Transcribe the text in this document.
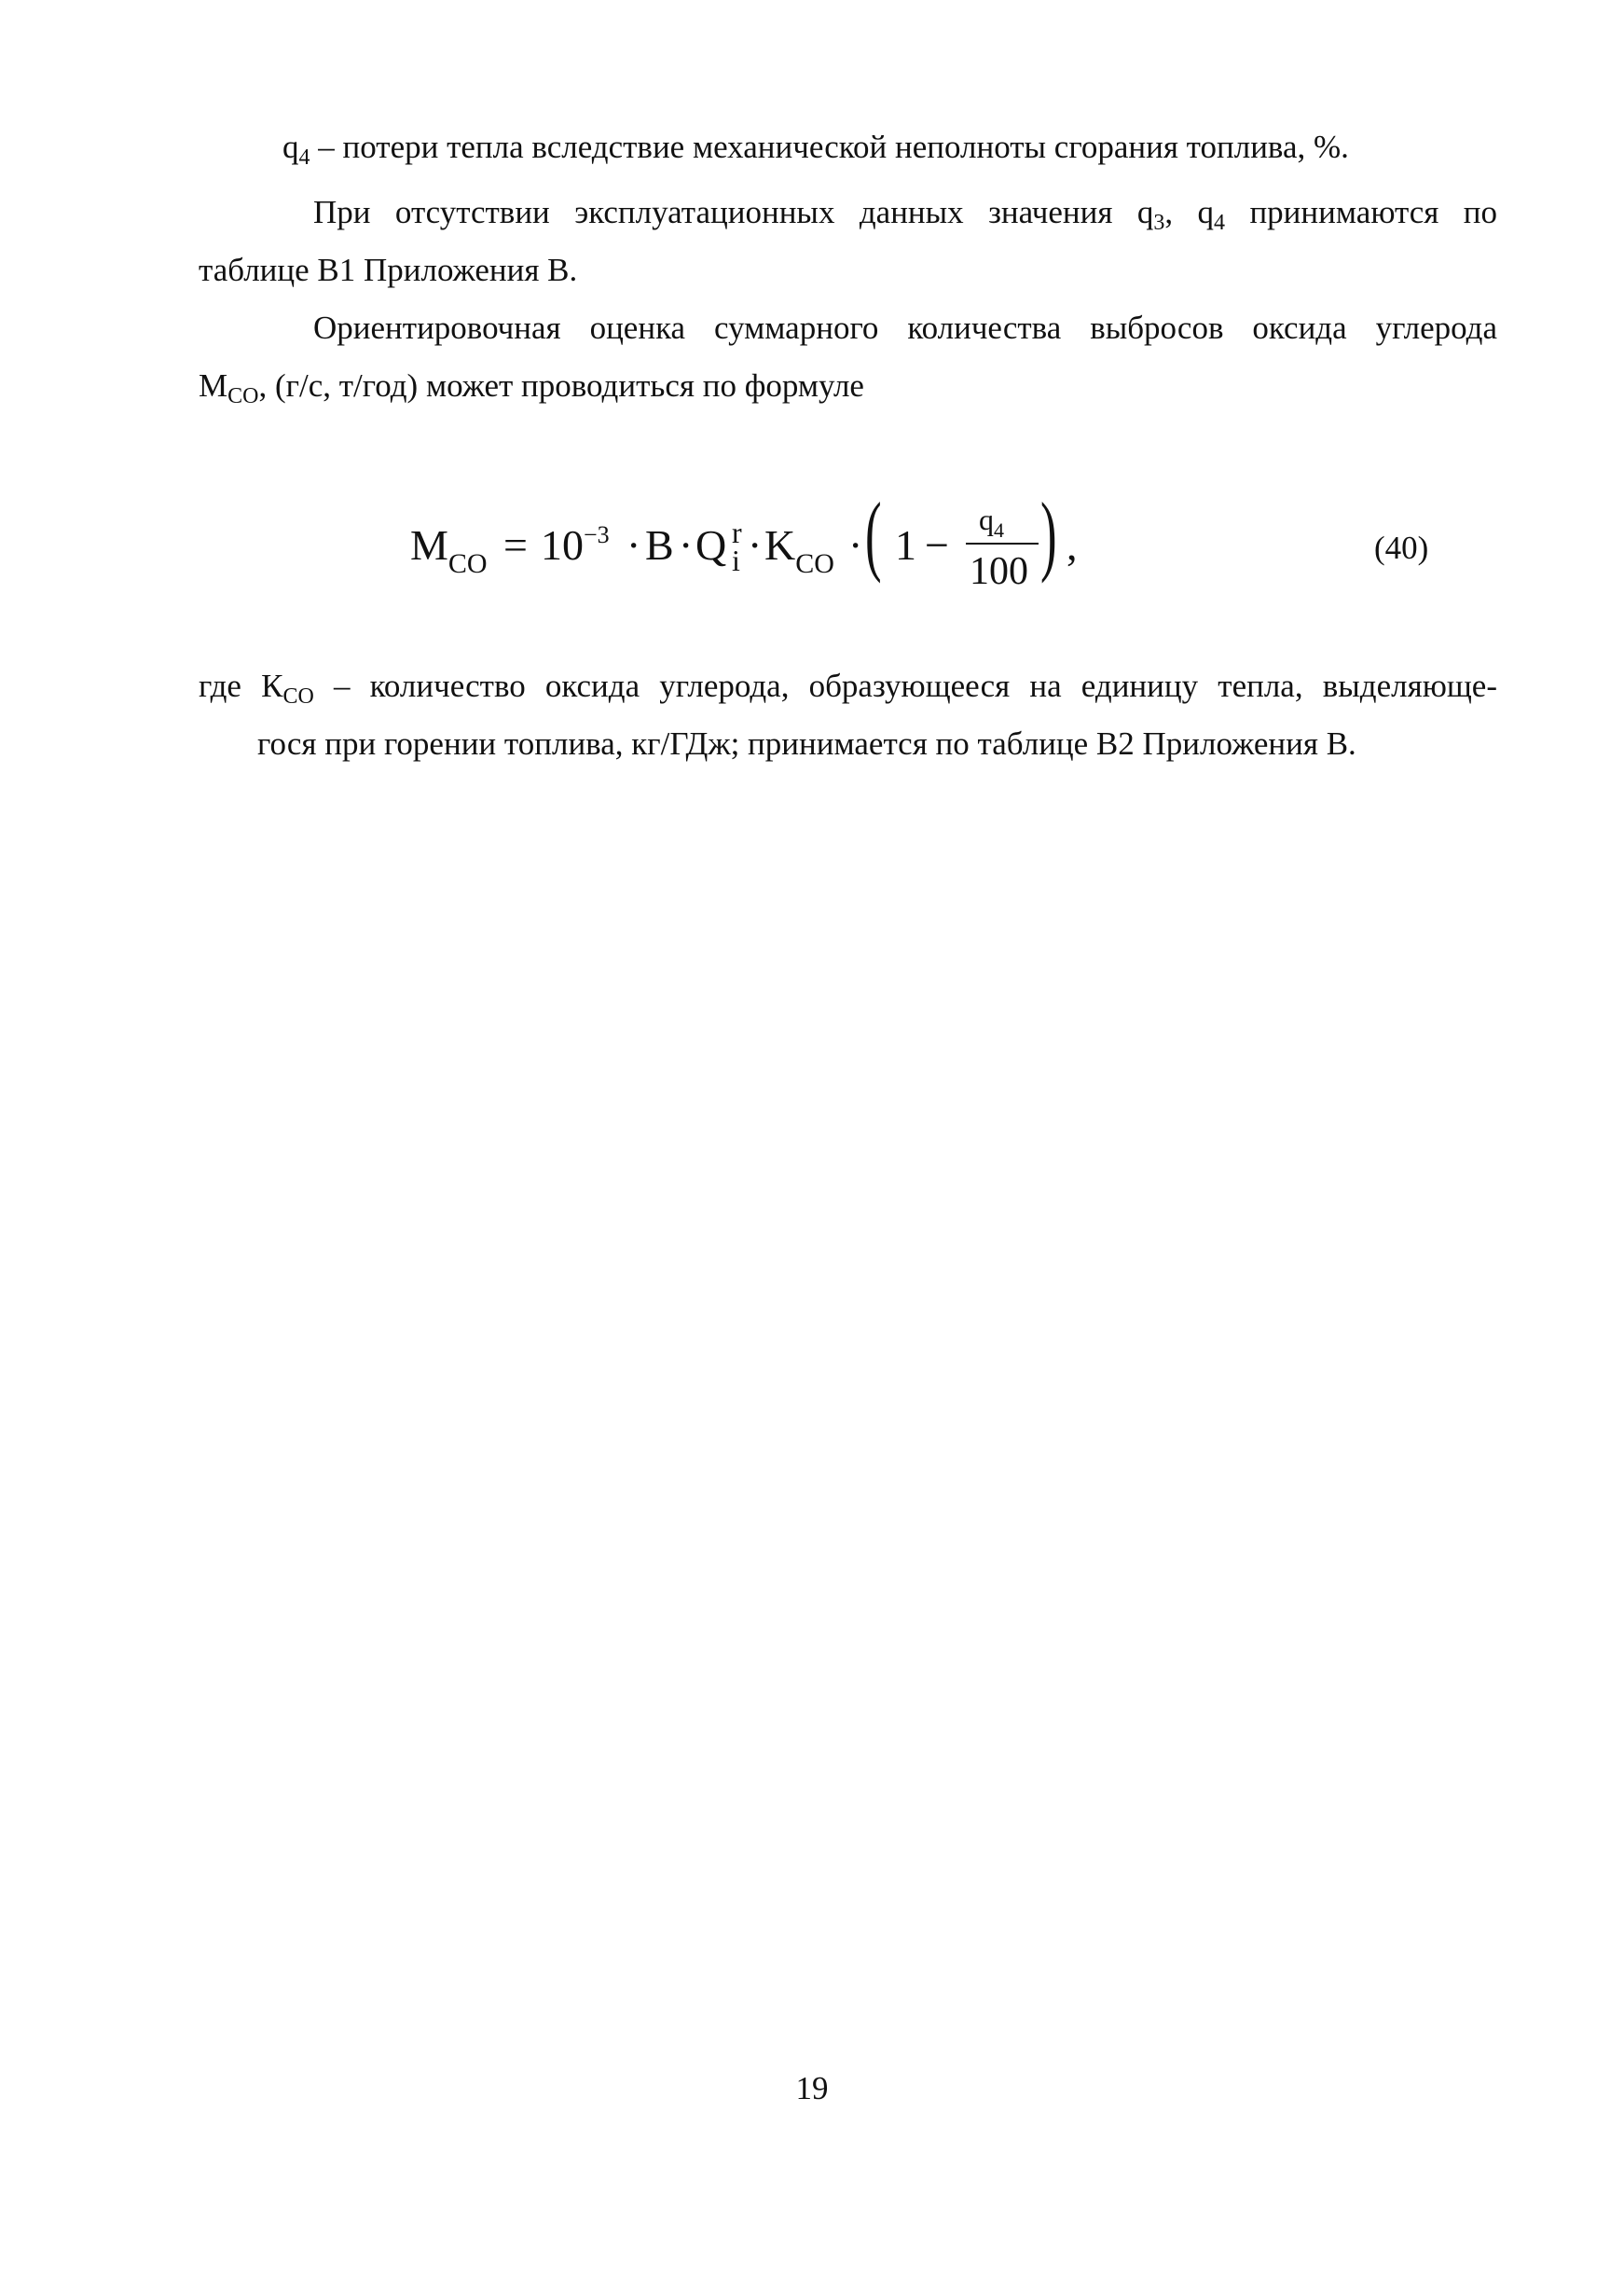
$q_4$ – потери тепла вследствие механической неполноты сгорания топлива, %.
При отсутствии эксплуатационных данных значения $q_3$, $q_4$ принимаются по
таблице В1 Приложения В.
Ориентировочная оценка суммарного количества выбросов оксида углерода
$М_{СО}$, (г/с, т/год) может проводиться по формуле
$M_{CO} = 10^{-3} \cdot B \cdot Q$ r
$i \cdot K_{CO}$ · ( 1 −
$q_4$
100 ) ,	(40)
где $К_{СО}$ – количество оксида углерода, образующееся на единицу тепла, выделяюще-
гося при горении топлива, кг/ГДж; принимается по таблице В2 Приложения В.
19
